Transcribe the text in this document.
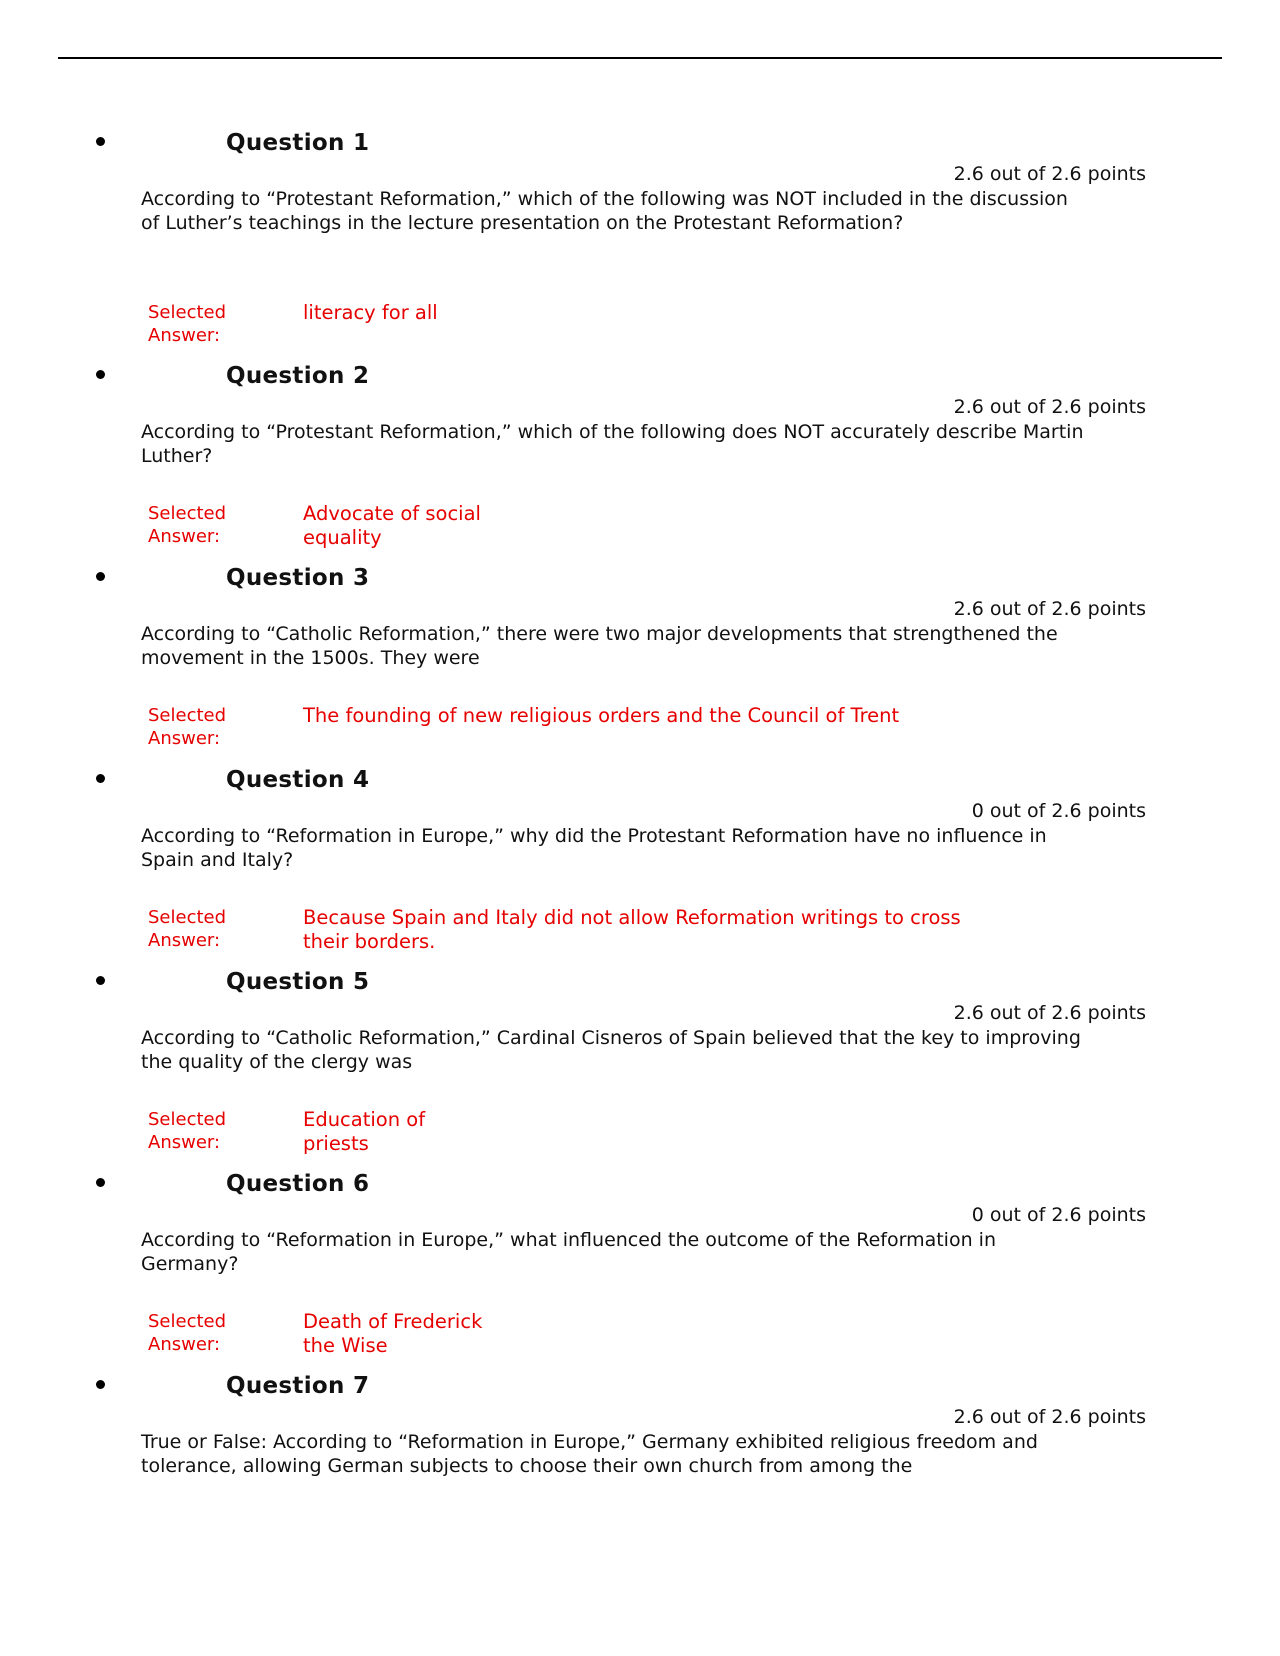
Question 1
2.6 out of 2.6 points
According to “Protestant Reformation,” which of the following was NOT included in the discussion of Luther’s teachings in the lecture presentation on the Protestant Reformation?
Selected Answer:
literacy for all
Question 2
2.6 out of 2.6 points
According to “Protestant Reformation,” which of the following does NOT accurately describe Martin Luther?
Selected Answer:
Advocate of social equality
Question 3
2.6 out of 2.6 points
According to “Catholic Reformation,” there were two major developments that strengthened the movement in the 1500s. They were
Selected Answer:
The founding of new religious orders and the Council of Trent
Question 4
0 out of 2.6 points
According to “Reformation in Europe,” why did the Protestant Reformation have no influence in Spain and Italy?
Selected Answer:
Because Spain and Italy did not allow Reformation writings to cross their borders.
Question 5
2.6 out of 2.6 points
According to “Catholic Reformation,” Cardinal Cisneros of Spain believed that the key to improving the quality of the clergy was
Selected Answer:
Education of priests
Question 6
0 out of 2.6 points
According to “Reformation in Europe,” what influenced the outcome of the Reformation in Germany?
Selected Answer:
Death of Frederick the Wise
Question 7
2.6 out of 2.6 points
True or False: According to “Reformation in Europe,” Germany exhibited religious freedom and tolerance, allowing German subjects to choose their own church from among the
